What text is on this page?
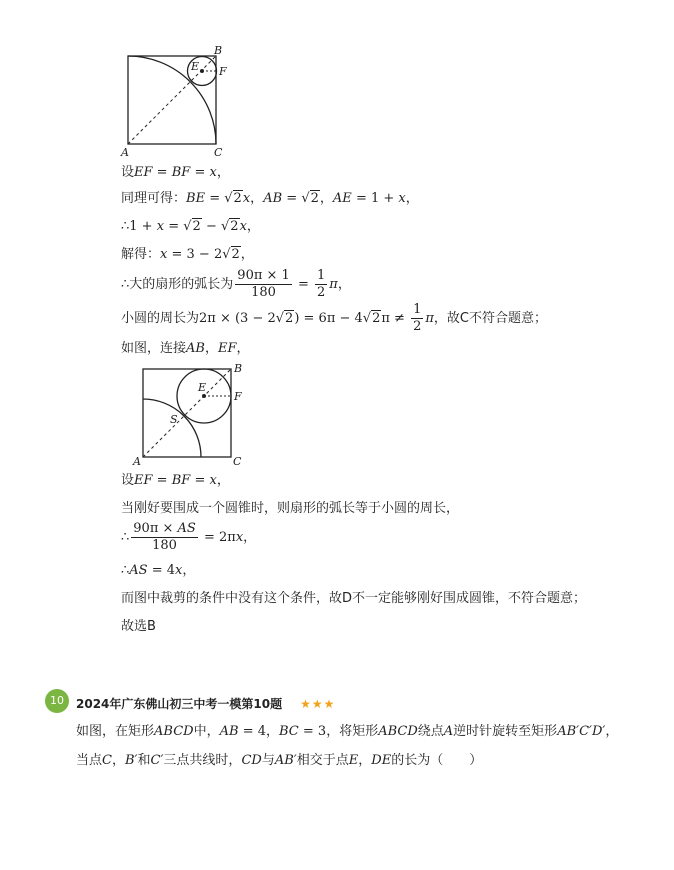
B
E F
A	C
设EF = BF = x，
同理可得：BE = √2x，AB = √2，AE = 1 + x，
∴1 + x = √2 − √2x，
解得：x = 3 − 2√2，
∴大的扇形的弧长为 $\frac{90\pi \times 1}{180} = \frac{1}{2}$ π，
小圆的周长为$2\pi \times (3 - 2√2) = 6\pi - 4√2\pi \ne \frac{1}{2}$ π，故C不符合题意；
如图，连接AB，EF，
B
E
F
S
A	C
设EF = BF = x，
当刚好要围成一个圆锥时，则扇形的弧长等于小圆的周长，
∴ $\frac{90\pi \times AS}{180} = 2\pi x$，
∴AS = 4x，
而图中裁剪的条件中没有这个条件，故D不一定能够刚好围成圆锥，不符合题意；
故选B
10	2024年广东佛山初三中考一模第10题 ★★★
如图，在矩形ABCD中，AB = 4，BC = 3，将矩形ABCD绕点A逆时针旋转至矩形AB′C′D′，
当点C，B′和C′三点共线时，CD与AB′相交于点E，DE的长为（　　）
